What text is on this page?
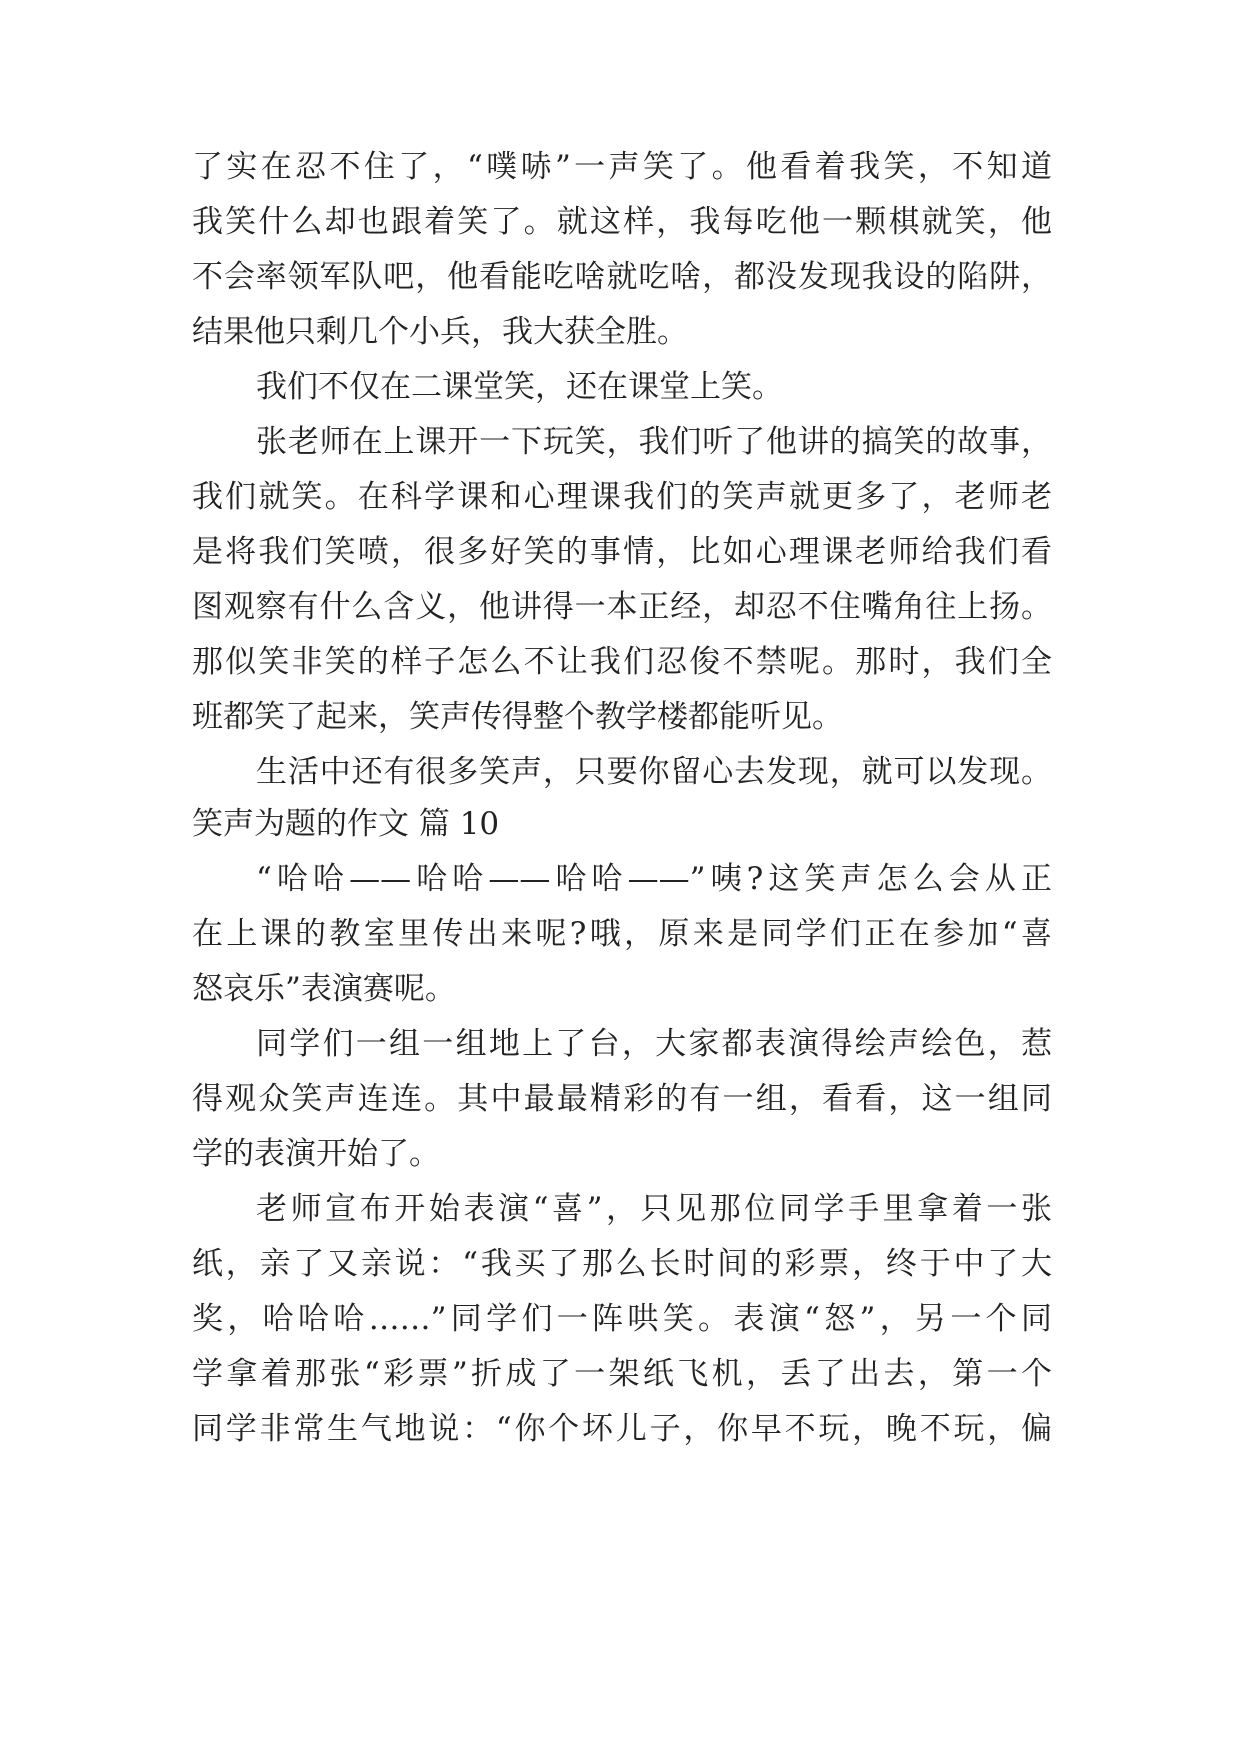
了实在忍不住了，“噗哧”一声笑了。他看着我笑，不知道
我笑什么却也跟着笑了。就这样，我每吃他一颗棋就笑，他
不会率领军队吧，他看能吃啥就吃啥，都没发现我设的陷阱，
结果他只剩几个小兵，我大获全胜。
我们不仅在二课堂笑，还在课堂上笑。
张老师在上课开一下玩笑，我们听了他讲的搞笑的故事，
我们就笑。在科学课和心理课我们的笑声就更多了，老师老
是将我们笑喷，很多好笑的事情，比如心理课老师给我们看
图观察有什么含义，他讲得一本正经，却忍不住嘴角往上扬。
那似笑非笑的样子怎么不让我们忍俊不禁呢。那时，我们全
班都笑了起来，笑声传得整个教学楼都能听见。
生活中还有很多笑声，只要你留心去发现，就可以发现。
笑声为题的作文 篇 10
“哈哈——哈哈——哈哈——”咦?这笑声怎么会从正
在上课的教室里传出来呢?哦，原来是同学们正在参加“喜
怒哀乐”表演赛呢。
同学们一组一组地上了台，大家都表演得绘声绘色，惹
得观众笑声连连。其中最最精彩的有一组，看看，这一组同
学的表演开始了。
老师宣布开始表演“喜”，只见那位同学手里拿着一张
纸，亲了又亲说：“我买了那么长时间的彩票，终于中了大
奖，哈哈哈……”同学们一阵哄笑。表演“怒”，另一个同
学拿着那张“彩票”折成了一架纸飞机，丢了出去，第一个
同学非常生气地说：“你个坏儿子，你早不玩，晚不玩，偏
